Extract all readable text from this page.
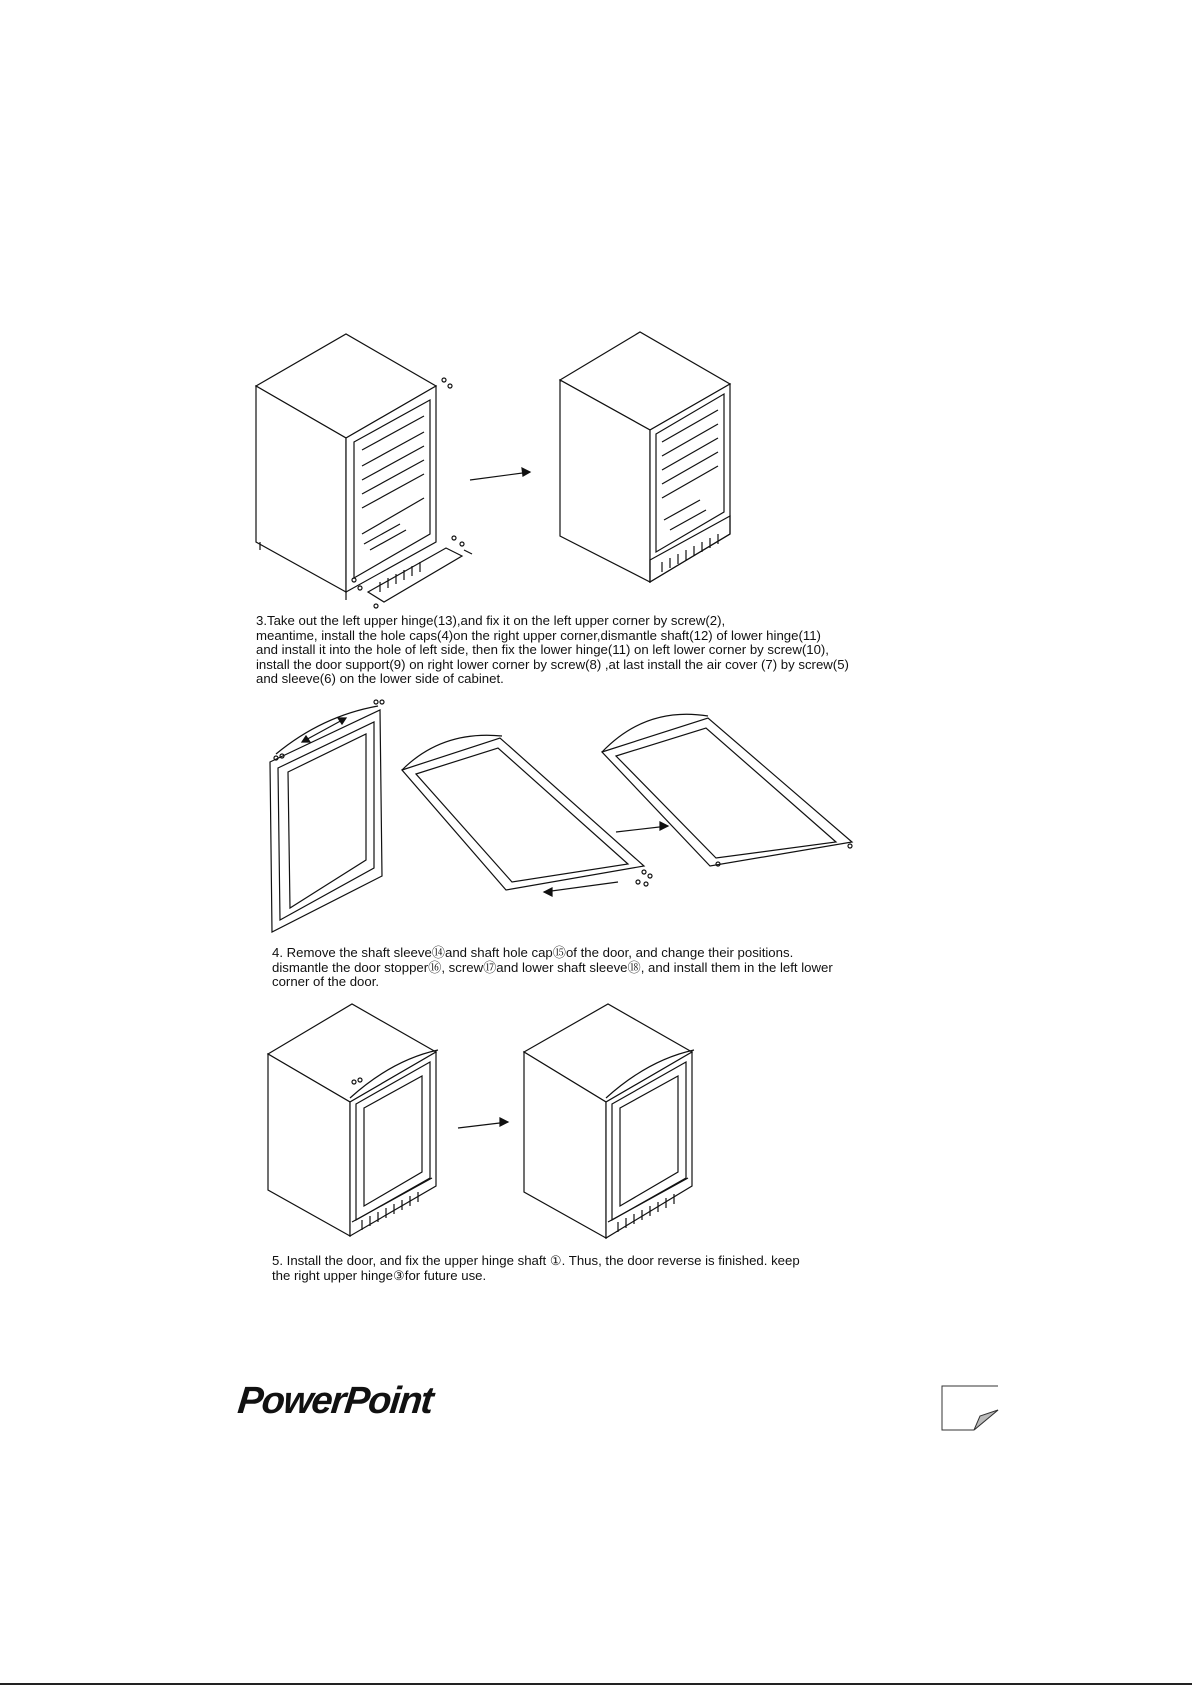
3.Take out the left upper hinge(13),and fix it on the left upper corner by screw(2),
meantime, install the hole caps(4)on the right upper corner,dismantle shaft(12) of lower hinge(11)
and install it into the hole of left side, then fix the lower hinge(11) on left lower corner by screw(10),
install the door support(9) on right lower corner by screw(8) ,at last install the air cover (7) by screw(5)
and sleeve(6) on the lower side of cabinet.

4. Remove the shaft sleeve⑭and shaft hole cap⑮of the door, and change their positions.
dismantle the door stopper⑯, screw⑰and lower shaft sleeve⑱, and install them in the left lower
corner of the door.

5. Install the door, and fix the upper hinge shaft ①. Thus, the door reverse is finished. keep
the right upper hinge③for future use.

PowerPoint
